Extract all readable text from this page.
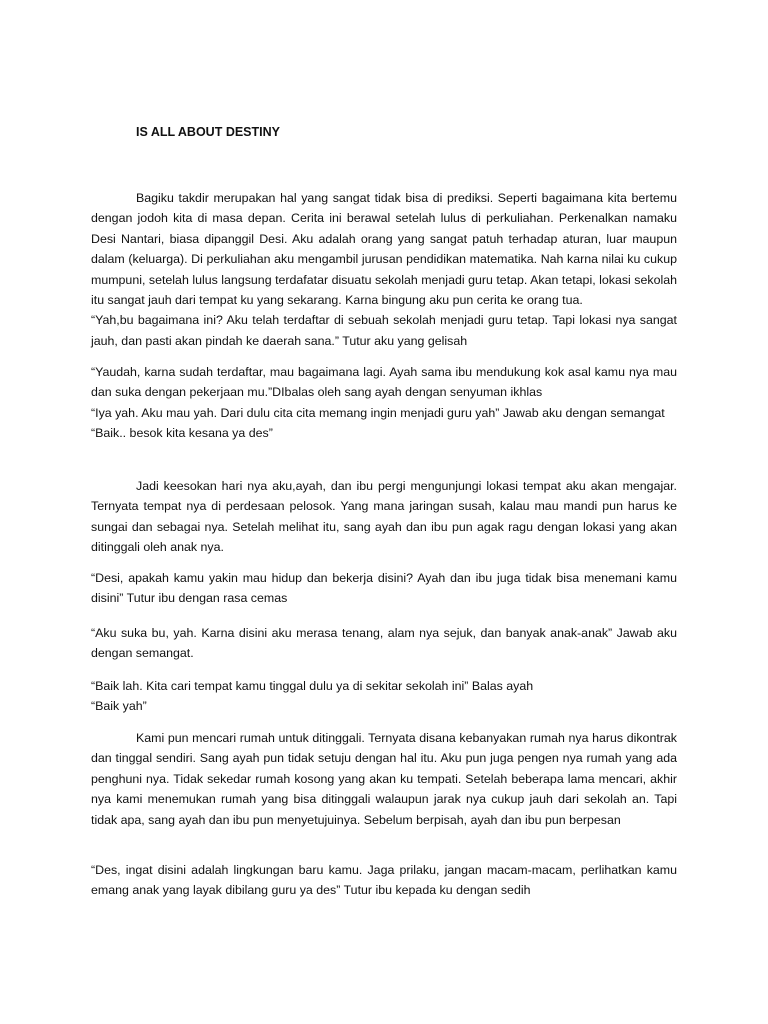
IS ALL ABOUT DESTINY

Bagiku takdir merupakan hal yang sangat tidak bisa di prediksi. Seperti bagaimana kita bertemu dengan jodoh kita di masa depan. Cerita ini berawal setelah lulus di perkuliahan. Perkenalkan namaku Desi Nantari, biasa dipanggil Desi. Aku adalah orang yang sangat patuh terhadap aturan, luar maupun dalam (keluarga). Di perkuliahan aku mengambil jurusan pendidikan matematika. Nah karna nilai ku cukup mumpuni, setelah lulus langsung terdafatar disuatu sekolah menjadi guru tetap. Akan tetapi, lokasi sekolah itu sangat jauh dari tempat ku yang sekarang. Karna bingung aku pun cerita ke orang tua.

“Yah,bu bagaimana ini? Aku telah terdaftar di sebuah sekolah menjadi guru tetap. Tapi lokasi nya sangat jauh, dan pasti akan pindah ke daerah sana.” Tutur aku yang gelisah

“Yaudah, karna sudah terdaftar, mau bagaimana lagi. Ayah sama ibu mendukung kok asal kamu nya mau dan suka dengan pekerjaan mu.”DIbalas oleh sang ayah dengan senyuman ikhlas

“Iya yah. Aku mau yah. Dari dulu cita cita memang ingin menjadi guru yah” Jawab aku dengan semangat

“Baik.. besok kita kesana ya des”

Jadi keesokan hari nya aku,ayah, dan ibu pergi mengunjungi lokasi tempat aku akan mengajar. Ternyata tempat nya di perdesaan pelosok. Yang mana jaringan susah, kalau mau mandi pun harus ke sungai dan sebagai nya. Setelah melihat itu, sang ayah dan ibu pun agak ragu dengan lokasi yang akan ditinggali oleh anak nya.

“Desi, apakah kamu yakin mau hidup dan bekerja disini? Ayah dan ibu juga tidak bisa menemani kamu disini” Tutur ibu dengan rasa cemas

“Aku suka bu, yah. Karna disini aku merasa tenang, alam nya sejuk, dan banyak anak-anak” Jawab aku dengan semangat.

“Baik lah. Kita cari tempat kamu tinggal dulu ya di sekitar sekolah ini” Balas ayah

“Baik yah”

Kami pun mencari rumah untuk ditinggali. Ternyata disana kebanyakan rumah nya harus dikontrak dan tinggal sendiri. Sang ayah pun tidak setuju dengan hal itu. Aku pun juga pengen nya rumah yang ada penghuni nya. Tidak sekedar rumah kosong yang akan ku tempati. Setelah beberapa lama mencari, akhir nya kami menemukan rumah yang bisa ditinggali walaupun jarak nya cukup jauh dari sekolah an. Tapi tidak apa, sang ayah dan ibu pun menyetujuinya. Sebelum berpisah, ayah dan ibu pun berpesan

“Des, ingat disini adalah lingkungan baru kamu. Jaga prilaku, jangan macam-macam, perlihatkan kamu emang anak yang layak dibilang guru ya des” Tutur ibu kepada ku dengan sedih
